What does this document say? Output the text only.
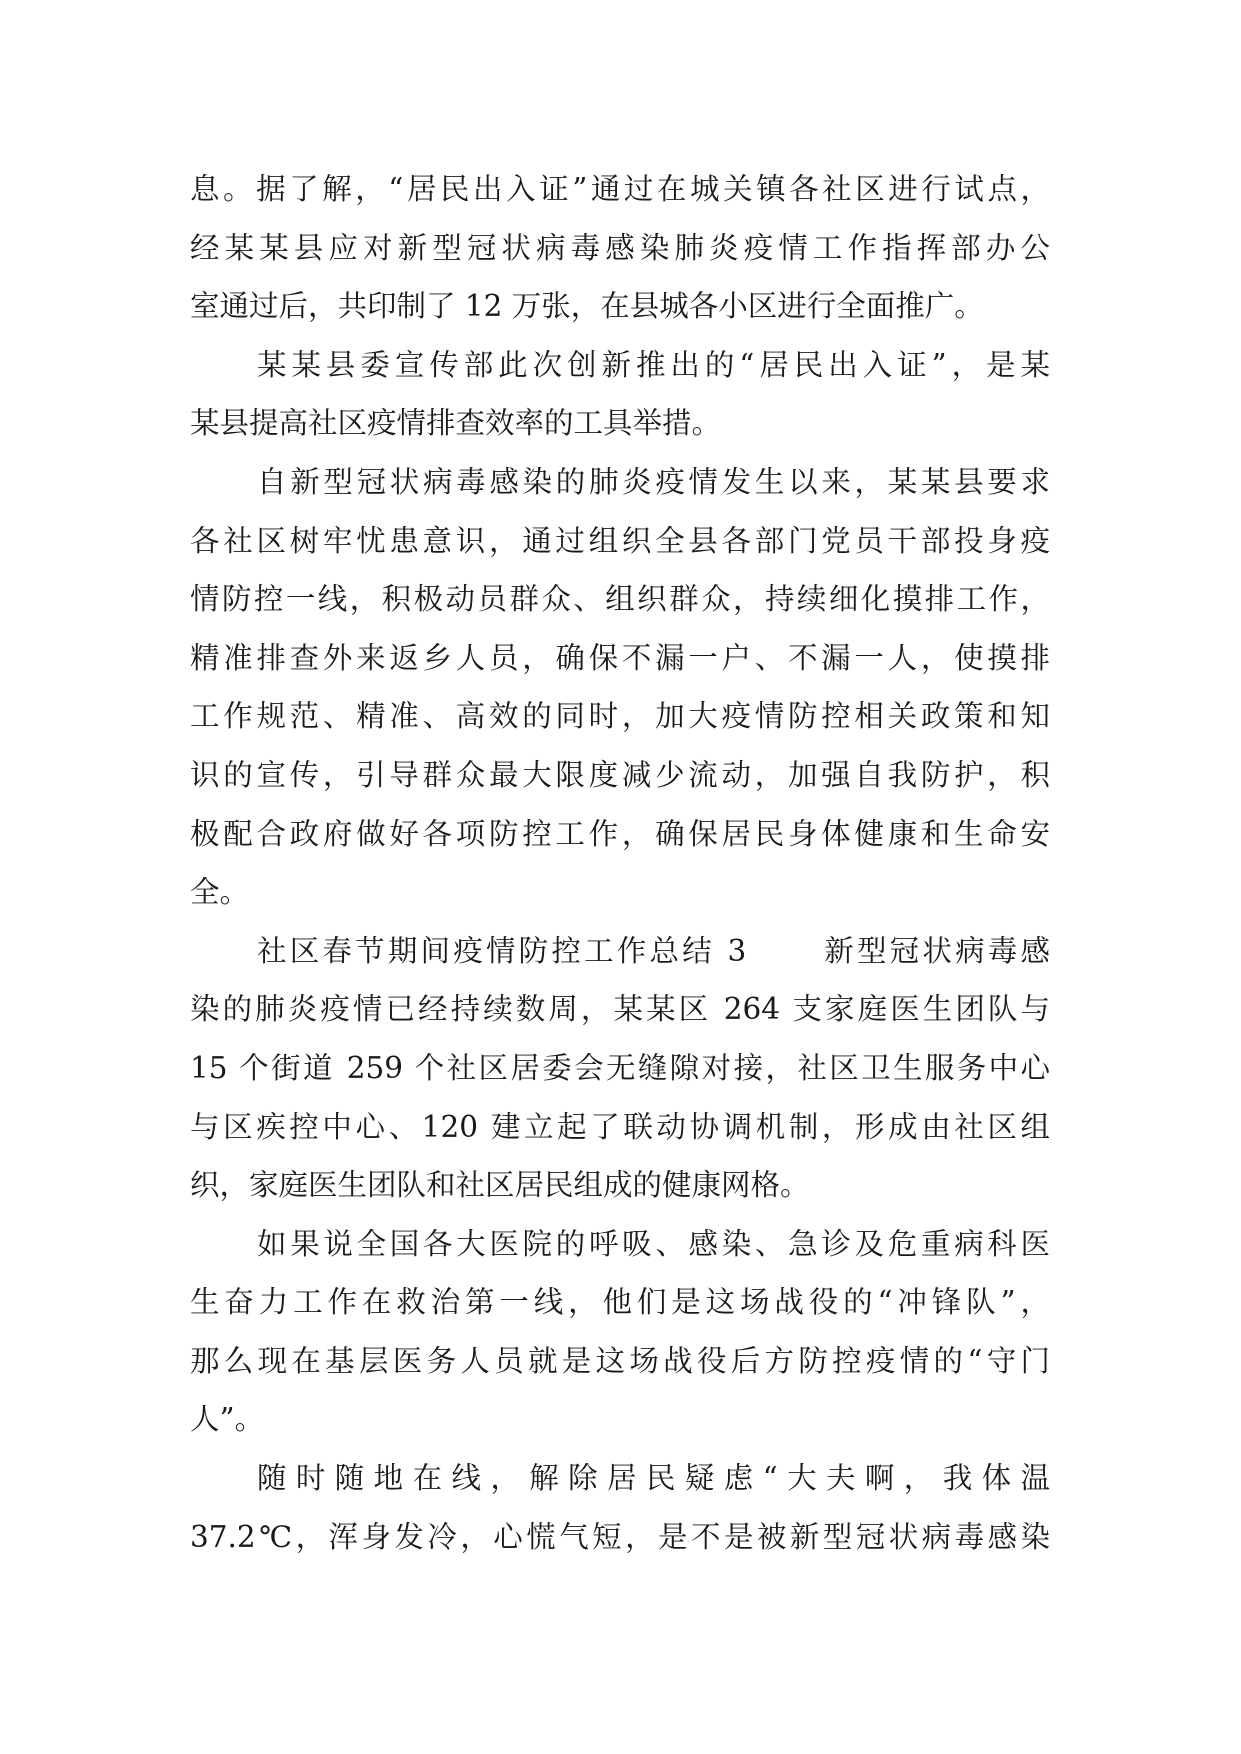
息。据了解，“居民出入证”通过在城关镇各社区进行试点，
经某某县应对新型冠状病毒感染肺炎疫情工作指挥部办公
室通过后，共印制了 12 万张，在县城各小区进行全面推广。
某某县委宣传部此次创新推出的“居民出入证”，是某
某县提高社区疫情排查效率的工具举措。
自新型冠状病毒感染的肺炎疫情发生以来，某某县要求
各社区树牢忧患意识，通过组织全县各部门党员干部投身疫
情防控一线，积极动员群众、组织群众，持续细化摸排工作，
精准排查外来返乡人员，确保不漏一户、不漏一人，使摸排
工作规范、精准、高效的同时，加大疫情防控相关政策和知
识的宣传，引导群众最大限度减少流动，加强自我防护，积
极配合政府做好各项防控工作，确保居民身体健康和生命安
全。
社区春节期间疫情防控工作总结 3 　　新型冠状病毒感
染的肺炎疫情已经持续数周，某某区 264 支家庭医生团队与
15 个街道 259 个社区居委会无缝隙对接，社区卫生服务中心
与区疾控中心、120 建立起了联动协调机制，形成由社区组
织，家庭医生团队和社区居民组成的健康网格。
如果说全国各大医院的呼吸、感染、急诊及危重病科医
生奋力工作在救治第一线，他们是这场战役的“冲锋队”，
那么现在基层医务人员就是这场战役后方防控疫情的“守门
人”。
随时随地在线，解除居民疑虑“大夫啊，我体温
37.2℃，浑身发冷，心慌气短，是不是被新型冠状病毒感染
